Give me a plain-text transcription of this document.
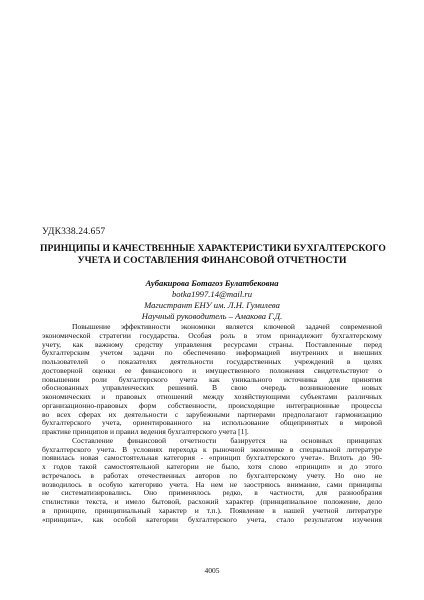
УДК338.24.657
ПРИНЦИПЫ И КАЧЕСТВЕННЫЕ ХАРАКТЕРИСТИКИ БУХГАЛТЕРСКОГО
УЧЕТА И СОСТАВЛЕНИЯ ФИНАНСОВОЙ ОТЧЕТНОСТИ
Аубакирова Ботагоз Булатбековна
botka1997.14@mail.ru
Магистрант ЕНУ им. Л.Н. Гумилева
Научный руководитель – Амакова Г.Д.
Повышение эффективности экономики является ключевой задачей современной
экономической стратегии государства. Особая роль в этом принадлежит бухгалтерскому
учету, как важному средству управления ресурсами страны. Поставленные перед
бухгалтерским учетом задачи по обеспечению информацией внутренних и внешних
пользователей о показателях деятельности государственных учреждений в целях
достоверной оценки ее финансового и имущественного положения свидетельствуют о
повышении роли бухгалтерского учета как уникального источника для принятия
обоснованных управленческих решений. В свою очередь возникновение новых
экономических и правовых отношений между хозяйствующими субъектами различных
организационно-правовых форм собственности, происходящие интеграционные процессы
во всех сферах их деятельности с зарубежными партнерами предполагают гармонизацию
бухгалтерского учета, ориентированного на использование общепринятых в мировой
практике принципов и правил ведения бухгалтерского учета [1].
Составление финансовой отчетности базируется на основных принципах
бухгалтерского учета. В условиях перехода к рыночной экономике в специальной литературе
появилась новая самостоятельная категория - «принцип бухгалтерского учета». Вплоть до 90-
х годов такой самостоятельной категории не было, хотя слово «принцип» и до этого
встречалось в работах отечественных авторов по бухгалтерскому учету. Но оно не
возводилось в особую категорию учета. На нем не заостряюсь внимание, сами принципы
не систематизировались. Оно применялось редко, в частности, для разнообразия
стилистики текста, и имело бытовой, расхожий характер (принципиальное положение, дело
в принципе, принципиальный характер и т.п.). Появление в нашей учетной литературе
«принципа», как особой категории бухгалтерского учета, стало результатом изучения
4005
